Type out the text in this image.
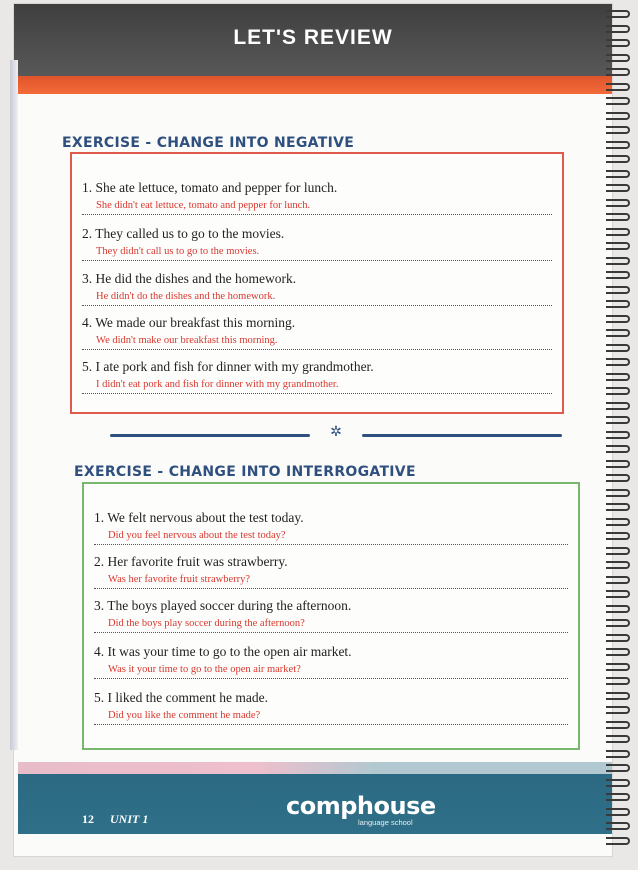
LET'S REVIEW
EXERCISE - CHANGE INTO NEGATIVE
1. She ate lettuce, tomato and pepper for lunch.
She didn't eat lettuce, tomato and pepper for lunch.
2. They called us to go to the movies.
They didn't call us to go to the movies.
3. He did the dishes and the homework.
He didn't do the dishes and the homework.
4. We made our breakfast this morning.
We didn't make our breakfast this morning.
5. I ate pork and fish for dinner with my grandmother.
I didn't eat pork and fish for dinner with my grandmother.
✲
EXERCISE - CHANGE INTO INTERROGATIVE
1. We felt nervous about the test today.
Did you feel nervous about the test today?
2. Her favorite fruit was strawberry.
Was her favorite fruit strawberry?
3. The boys played soccer during the afternoon.
Did the boys play soccer during the afternoon?
4. It was your time to go to the open air market.
Was it your time to go to the open air market?
5. I liked the comment he made.
Did you like the comment he made?
12 UNIT 1	comphouse
language school
